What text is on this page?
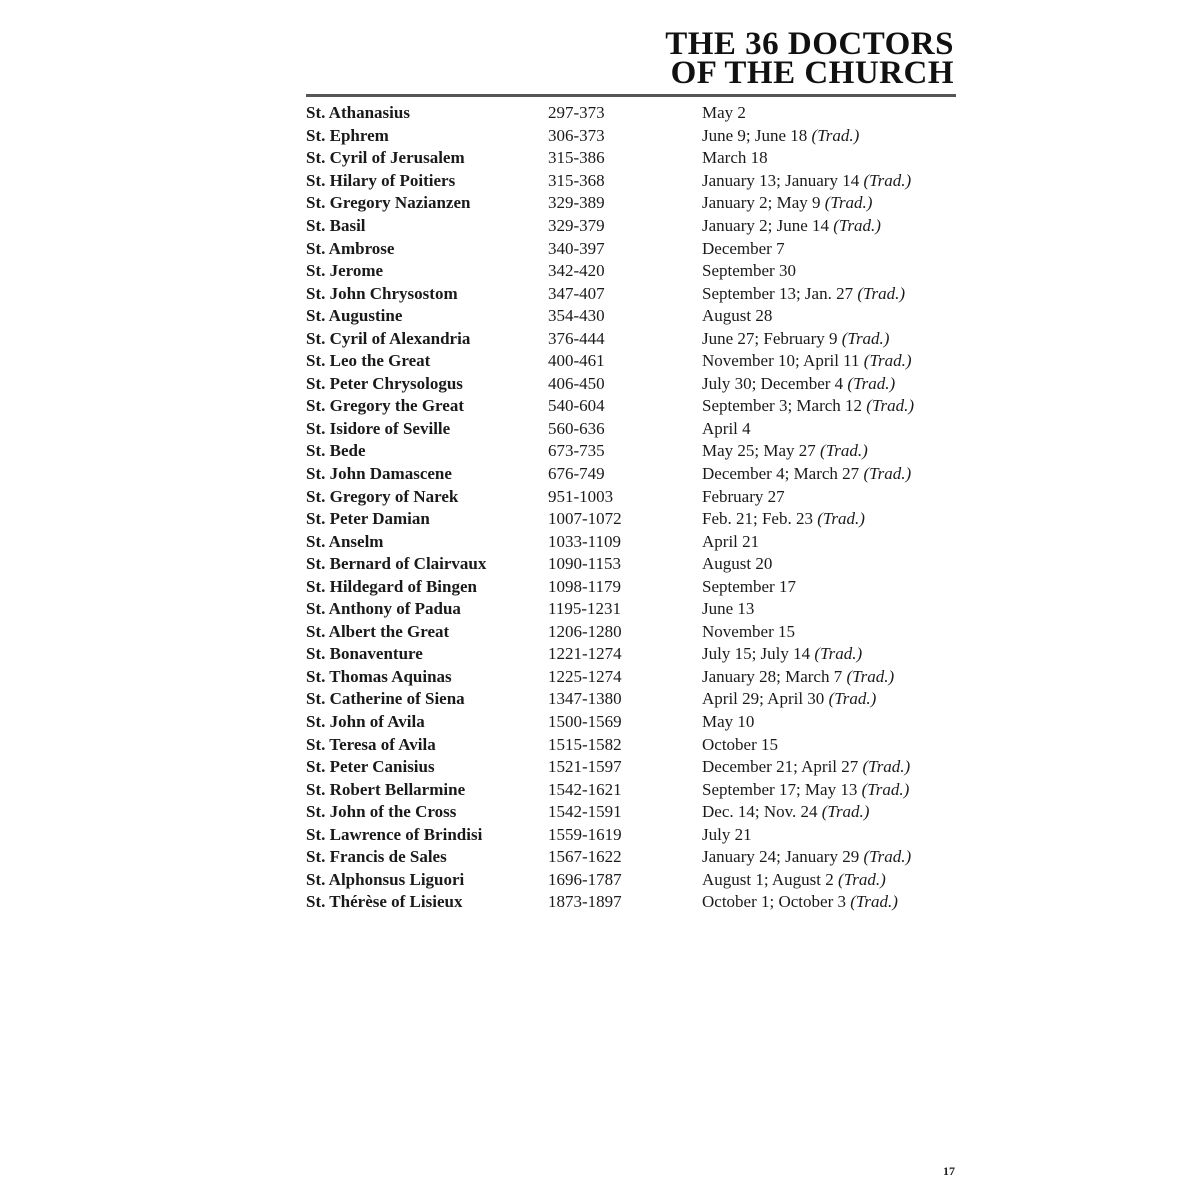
THE 36 DOCTORS
OF THE CHURCH
St. Athanasius	297-373	May 2
St. Ephrem	306-373	June 9; June 18 (Trad.)
St. Cyril of Jerusalem	315-386	March 18
St. Hilary of Poitiers	315-368	January 13; January 14 (Trad.)
St. Gregory Nazianzen	329-389	January 2; May 9 (Trad.)
St. Basil	329-379	January 2; June 14 (Trad.)
St. Ambrose	340-397	December 7
St. Jerome	342-420	September 30
St. John Chrysostom	347-407	September 13; Jan. 27 (Trad.)
St. Augustine	354-430	August 28
St. Cyril of Alexandria	376-444	June 27; February 9 (Trad.)
St. Leo the Great	400-461	November 10; April 11 (Trad.)
St. Peter Chrysologus	406-450	July 30; December 4 (Trad.)
St. Gregory the Great	540-604	September 3; March 12 (Trad.)
St. Isidore of Seville	560-636	April 4
St. Bede	673-735	May 25; May 27 (Trad.)
St. John Damascene	676-749	December 4; March 27 (Trad.)
St. Gregory of Narek	951-1003	February 27
St. Peter Damian	1007-1072	Feb. 21; Feb. 23 (Trad.)
St. Anselm	1033-1109	April 21
St. Bernard of Clairvaux	1090-1153	August 20
St. Hildegard of Bingen	1098-1179	September 17
St. Anthony of Padua	1195-1231	June 13
St. Albert the Great	1206-1280	November 15
St. Bonaventure	1221-1274	July 15; July 14 (Trad.)
St. Thomas Aquinas	1225-1274	January 28; March 7 (Trad.)
St. Catherine of Siena	1347-1380	April 29; April 30 (Trad.)
St. John of Avila	1500-1569	May 10
St. Teresa of Avila	1515-1582	October 15
St. Peter Canisius	1521-1597	December 21; April 27 (Trad.)
St. Robert Bellarmine	1542-1621	September 17; May 13 (Trad.)
St. John of the Cross	1542-1591	Dec. 14; Nov. 24 (Trad.)
St. Lawrence of Brindisi	1559-1619	July 21
St. Francis de Sales	1567-1622	January 24; January 29 (Trad.)
St. Alphonsus Liguori	1696-1787	August 1; August 2 (Trad.)
St. Thérèse of Lisieux	1873-1897	October 1; October 3 (Trad.)
17
